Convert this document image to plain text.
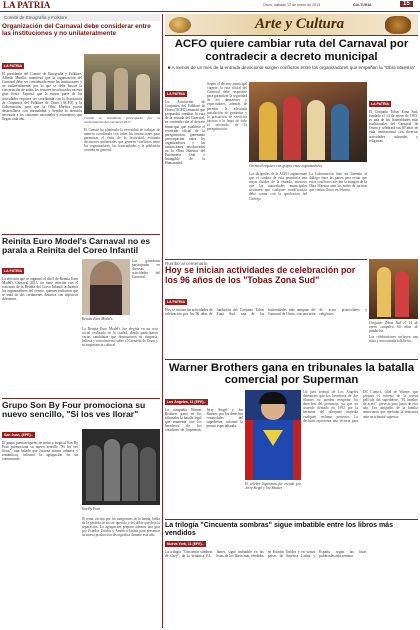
LA PATRIA	Oruro, sábado 12 de enero de 2013	CULTURAL	15
Comité de Etnografía y Folklore
Organización del Carnaval debe considerar entre las instituciones y no unilateralmente
LA PATRIA
El presidente del Comité de Etnografía y Folklore, Alfredo Murillo, manifestó que la organización del Carnaval debe ser considerada entre las instituciones y no unilateralmente, por lo que se debe buscar la concertación de todos los sectores involucrados en esta gran fiesta. Expresó que la mayor parte de las actividades requiere ser coordinada con la Asociación de Conjuntos del Folklore de Oruro (ACFO) y la Gobernación, para que la Obra Maestra pueda desarrollarse con normalidad y brindar la atención necesaria a los visitantes nacionales y extranjeros que llegan cada año.	Comité se manifiesta preocupado por la conformación del Carnaval 2013
El Comité ha planteado la necesidad de trabajar de manera coordinada con todas las instituciones para garantizar el éxito de la festividad, evitando decisiones unilaterales que generen conflictos entre los organizadores, las fraternidades y la población orureña en general.
Reinita Euro Model's Carnaval no es parala a Reinita del Coreo Infantil
LA PATRIA
La elección que se organizó el día 9 de Reinita Euro Model's Carnaval 2013, no tiene relación con el concurso de la Reinita del Corso Infantil, aclararon los organizadores del evento, quienes indicaron que se trata de dos certámenes distintos con objetivos diferentes.
Reinita Euro Model's
La Reinita Euro Model's fue elegida en un acto social realizado en la ciudad, donde participaron varias candidatas que demostraron su simpatía, belleza y conocimiento sobre el Carnaval de Oruro y su importancia cultural.
Las ganadoras participarán en diversas actividades del Carnaval.
Grupo Son By Four promociona su nuevo sencillo, "Si los ves llorar"
San Juan, (EFE).-
El grupo puertorriqueño de música tropical Son By Four promociona su nuevo sencillo "Si los ves llorar", una balada que fusiona ritmos urbanos y románticos, informó la agrupación en un comunicado.
Son By Four
El tema, escrito por los integrantes de la banda, habla de la pérdida de un ser querido y del dolor que deja la separación. La agrupación prepara además una gira por Estados Unidos y América Latina para presentar su nueva producción discográfica durante este año.
Arte y Cultura
ACFO quiere cambiar ruta del Carnaval por contradecir a decreto municipal
■ A menos de un mes de la entrada devocional surgen conflictos entre los organizadores que empañan la "Obra Maestra"
LA PATRIA
La Asociación de Conjuntos del Folklore de Oruro (ACFO) anunció que propondrá cambiar la ruta de la entrada del Carnaval, en contradicción al decreto municipal que establece el recorrido oficial de la peregrinación, generando preocupación entre los organizadores y las instituciones involucradas en la Obra Maestra del Patrimonio Oral e Intangible de la Humanidad.
Según el decreto municipal vigente, la ruta oficial del Carnaval debe respetarse para garantizar la seguridad de los danzarines y espectadores, además de permitir la adecuada instalación de graderías y la prestación de servicios básicos a lo largo de todo el recorrido de la peregrinación.
Carnaval requiere con grupos entre organizadores
Los dirigentes de la ACFO argumentan que el cambio de ruta permitiría una mejor fluidez de la entrada, mientras que las autoridades municipales sostienen que cualquier modificación debe contar con la aprobación del Concejo.
La Gobernación hizo un llamado al diálogo entre las partes para evitar que estos conflictos afecten la imagen de la Obra Maestra ante los miles de turistas que visitan Oruro en febrero.
LA PATRIA
El Conjunto Tobas Zona Sud, fundado el 14 de enero de 1953, es una de las fraternidades más tradicionales del Carnaval de Oruro y celebrará sus 60 años de vida institucional con diversas actividades culturales y religiosas.
Rumbo al centenario
Hoy se inician actividades de celebración por los 96 años de los "Tobas Zona Sud"
LA PATRIA
Hoy se inician las actividades de celebración por los 96 años de fundación del Conjunto Tobas Zona Sud, una de las fraternidades más antiguas del Carnaval de Oruro, con una serie de actos protocolares y religiosos.
Conjunto Tobas Sud el 14 de enero cumplirá 60 años de fundación
Las celebraciones incluyen una misa y una entrada folklórica.
Warner Brothers gana en tribunales la batalla comercial por Superman
Los Ángeles, 11 (EFE).-
La compañía Warner Brothers ganó en los tribunales la batalla legal que mantenía con los herederos de los creadores de Superman, Jerry Siegel y Joe Shuster, por los derechos comerciales del superhéroe, informó la prensa especializada.
El célebre Superman fue creado por Jerry Siegel y Joe Shuster
Un juez federal de Los Ángeles determinó que los herederos de Joe Shuster no pueden recuperar los derechos del personaje, ya que un acuerdo firmado en 1992 por la hermana del dibujante impedía cualquier reclamo posterior. La decisión representa una victoria para DC Comics, filial de Warner, que prepara el estreno de la nueva película del superhéroe, "El hombre de acero", prevista para junio de este año. Los abogados de la familia anunciaron que apelarán la sentencia ante un tribunal superior.
La trilogía "Cincuenta sombras" sigue imbatible entre los libros más vendidos
Nueva York, 11 (EFE).-
La trilogía "Cincuenta sombras de Grey", de la británica E.L. James, sigue imbatible en las listas de los libros más vendidos en Estados Unidos y en varios países de América Latina y España, según las listas publicadas esta semana.
